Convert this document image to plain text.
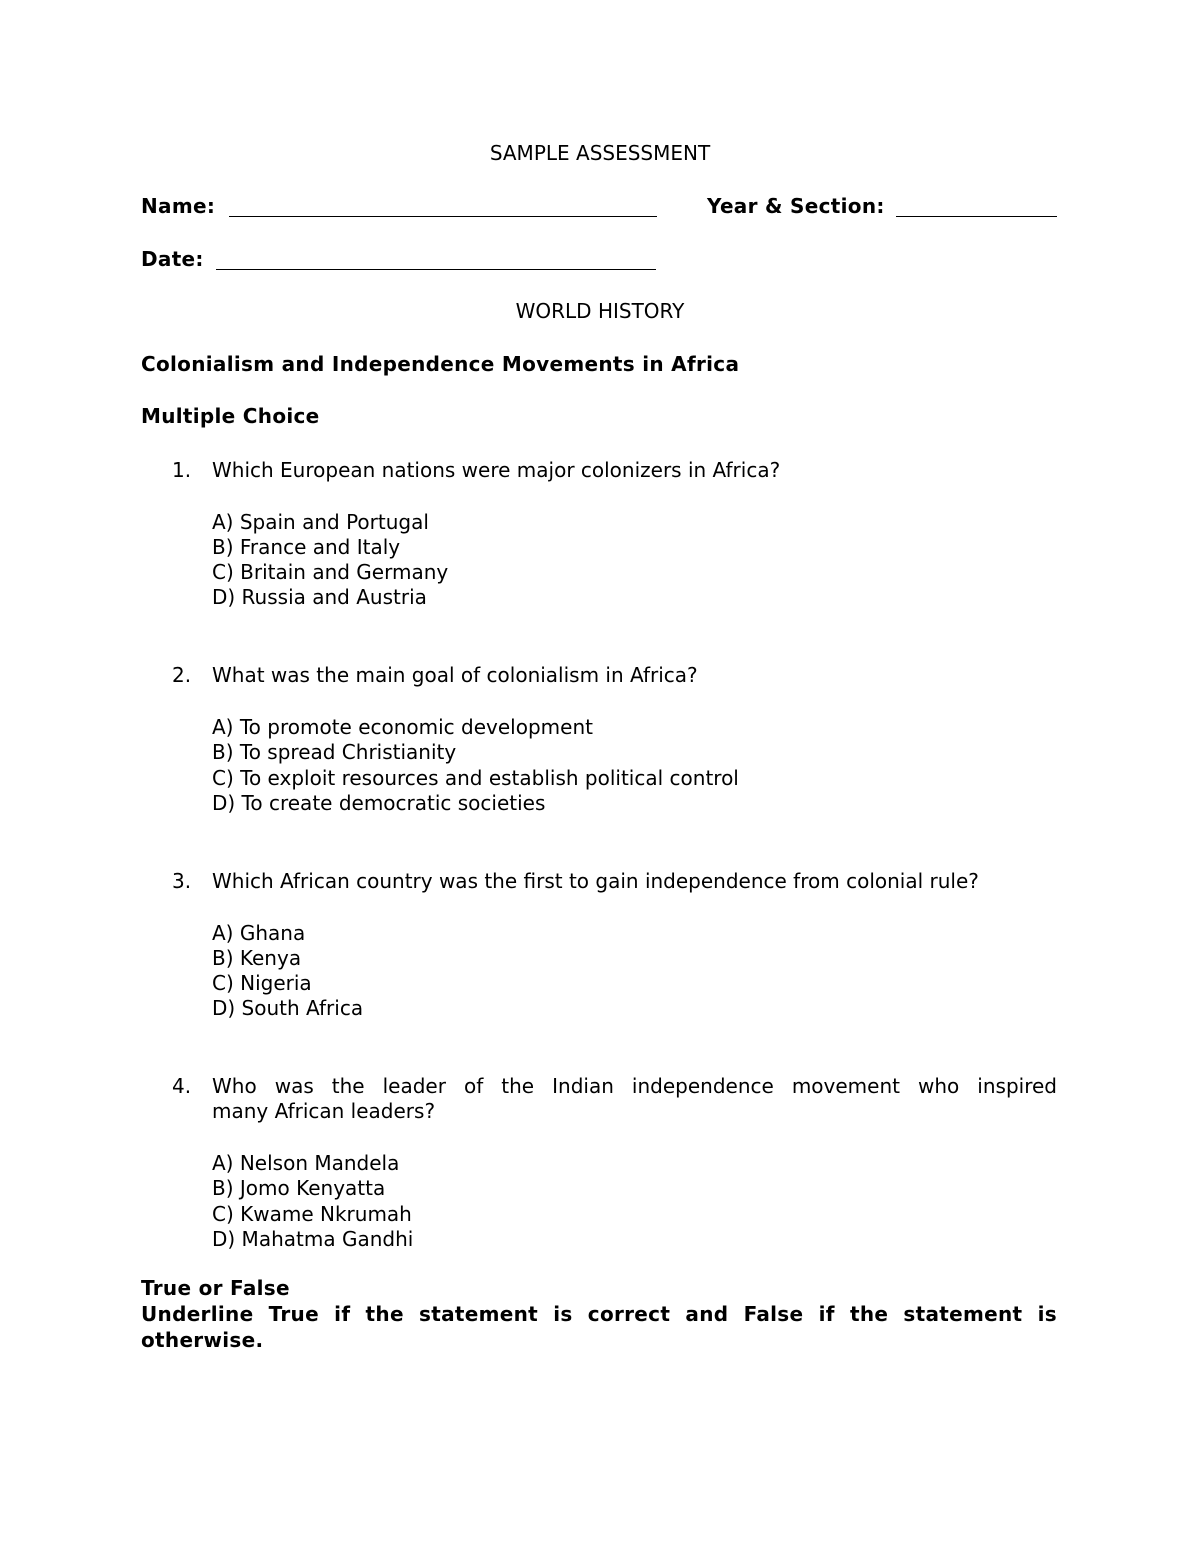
SAMPLE ASSESSMENT
Name:	Year & Section:
Date:
WORLD HISTORY
Colonialism and Independence Movements in Africa
Multiple Choice
1. Which European nations were major colonizers in Africa?
A) Spain and Portugal
B) France and Italy
C) Britain and Germany
D) Russia and Austria
2. What was the main goal of colonialism in Africa?
A) To promote economic development
B) To spread Christianity
C) To exploit resources and establish political control
D) To create democratic societies
3. Which African country was the first to gain independence from colonial rule?
A) Ghana
B) Kenya
C) Nigeria
D) South Africa
4. Who was the leader of the Indian independence movement who inspired
many African leaders?
A) Nelson Mandela
B) Jomo Kenyatta
C) Kwame Nkrumah
D) Mahatma Gandhi
True or False
Underline True if the statement is correct and False if the statement is
otherwise.
